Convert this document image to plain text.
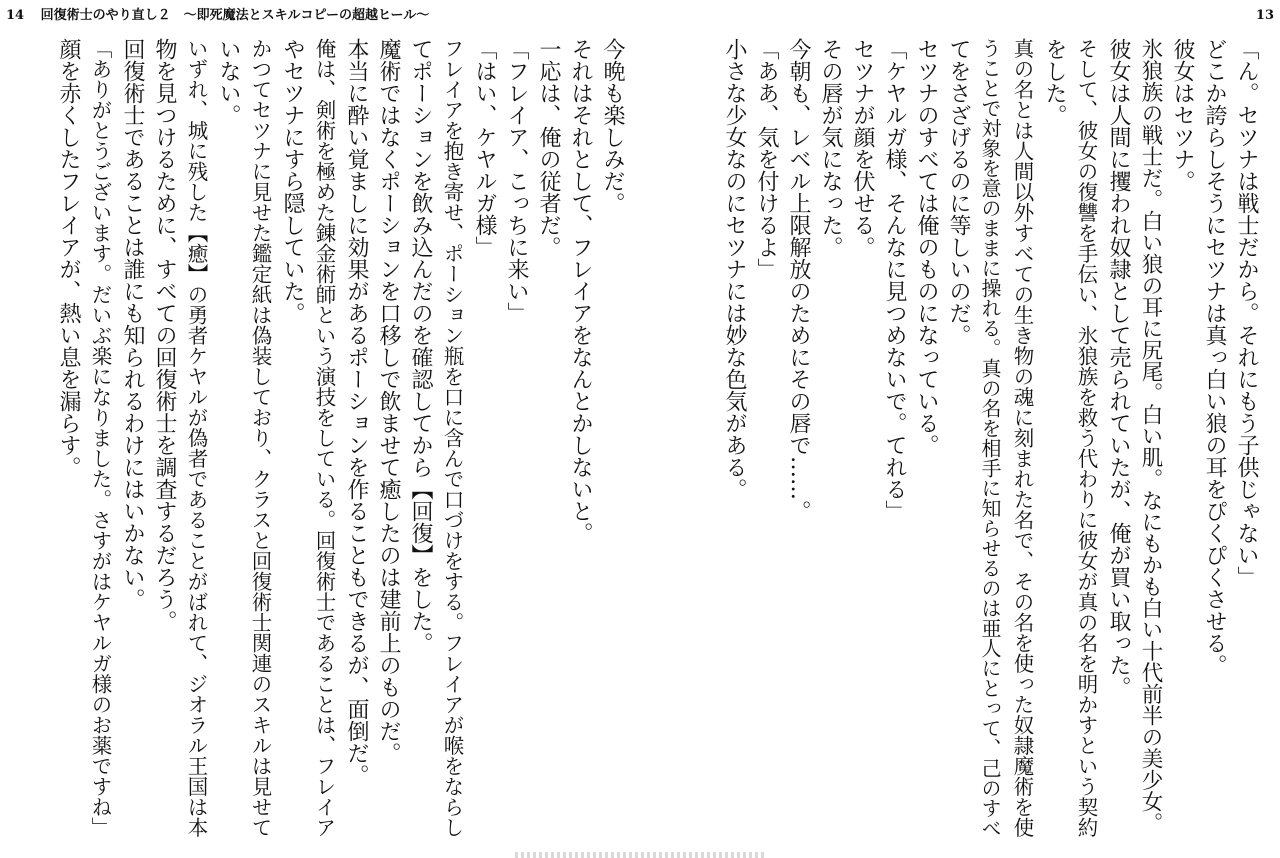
14 回復術士のやり直し２　～即死魔法とスキルコピーの超越ヒール～	13
「ん。セツナは戦士だから。それにもう子供じゃない」
どこか誇らしそうにセツナは真っ白い狼の耳をぴくぴくさせる。
彼女はセツナ。
氷狼族の戦士だ。白い狼の耳に尻尾。白い肌。なにもかも白い十代前半の美少女。
彼女は人間に攫われ奴隷として売られていたが、俺が買い取った。
そして、彼女の復讐を手伝い、氷狼族を救う代わりに彼女が真の名を明かすという契約
をした。
真の名とは人間以外すべての生き物の魂に刻まれた名で、その名を使った奴隷魔術を使
うことで対象を意のままに操れる。真の名を相手に知らせるのは亜人にとって、己のすべ
てをさざげるのに等しいのだ。
セツナのすべては俺のものになっている。
「ケヤルガ様、そんなに見つめないで。てれる」
セツナが顔を伏せる。
その唇が気になった。
今朝も、レベル上限解放のためにその唇で……。
「ああ、気を付けるよ」
小さな少女なのにセツナには妙な色気がある。
今晩も楽しみだ。
それはそれとして、フレイアをなんとかしないと。
一応は、俺の従者だ。
「フレイア、こっちに来い」
「はい、ケヤルガ様」
フレイアを抱き寄せ、ポーション瓶を口に含んで口づけをする。フレイアが喉をならし
てポーションを飲み込んだのを確認してから【回復】をした。
魔術ではなくポーションを口移しで飲ませて癒したのは建前上のものだ。
本当に酔い覚ましに効果があるポーションを作ることもできるが、面倒だ。
俺は、剣術を極めた錬金術師という演技をしている。回復術士であることは、フレイア
やセツナにすら隠していた。
かつてセツナに見せた鑑定紙は偽装しており、クラスと回復術士関連のスキルは見せて
いない。
いずれ、城に残した【癒】の勇者ケヤルが偽者であることがばれて、ジオラル王国は本
物を見つけるために、すべての回復術士を調査するだろう。
回復術士であることは誰にも知られるわけにはいかない。
「ありがとうございます。だいぶ楽になりました。さすがはケヤルガ様のお薬ですね」
顔を赤くしたフレイアが、熱い息を漏らす。
